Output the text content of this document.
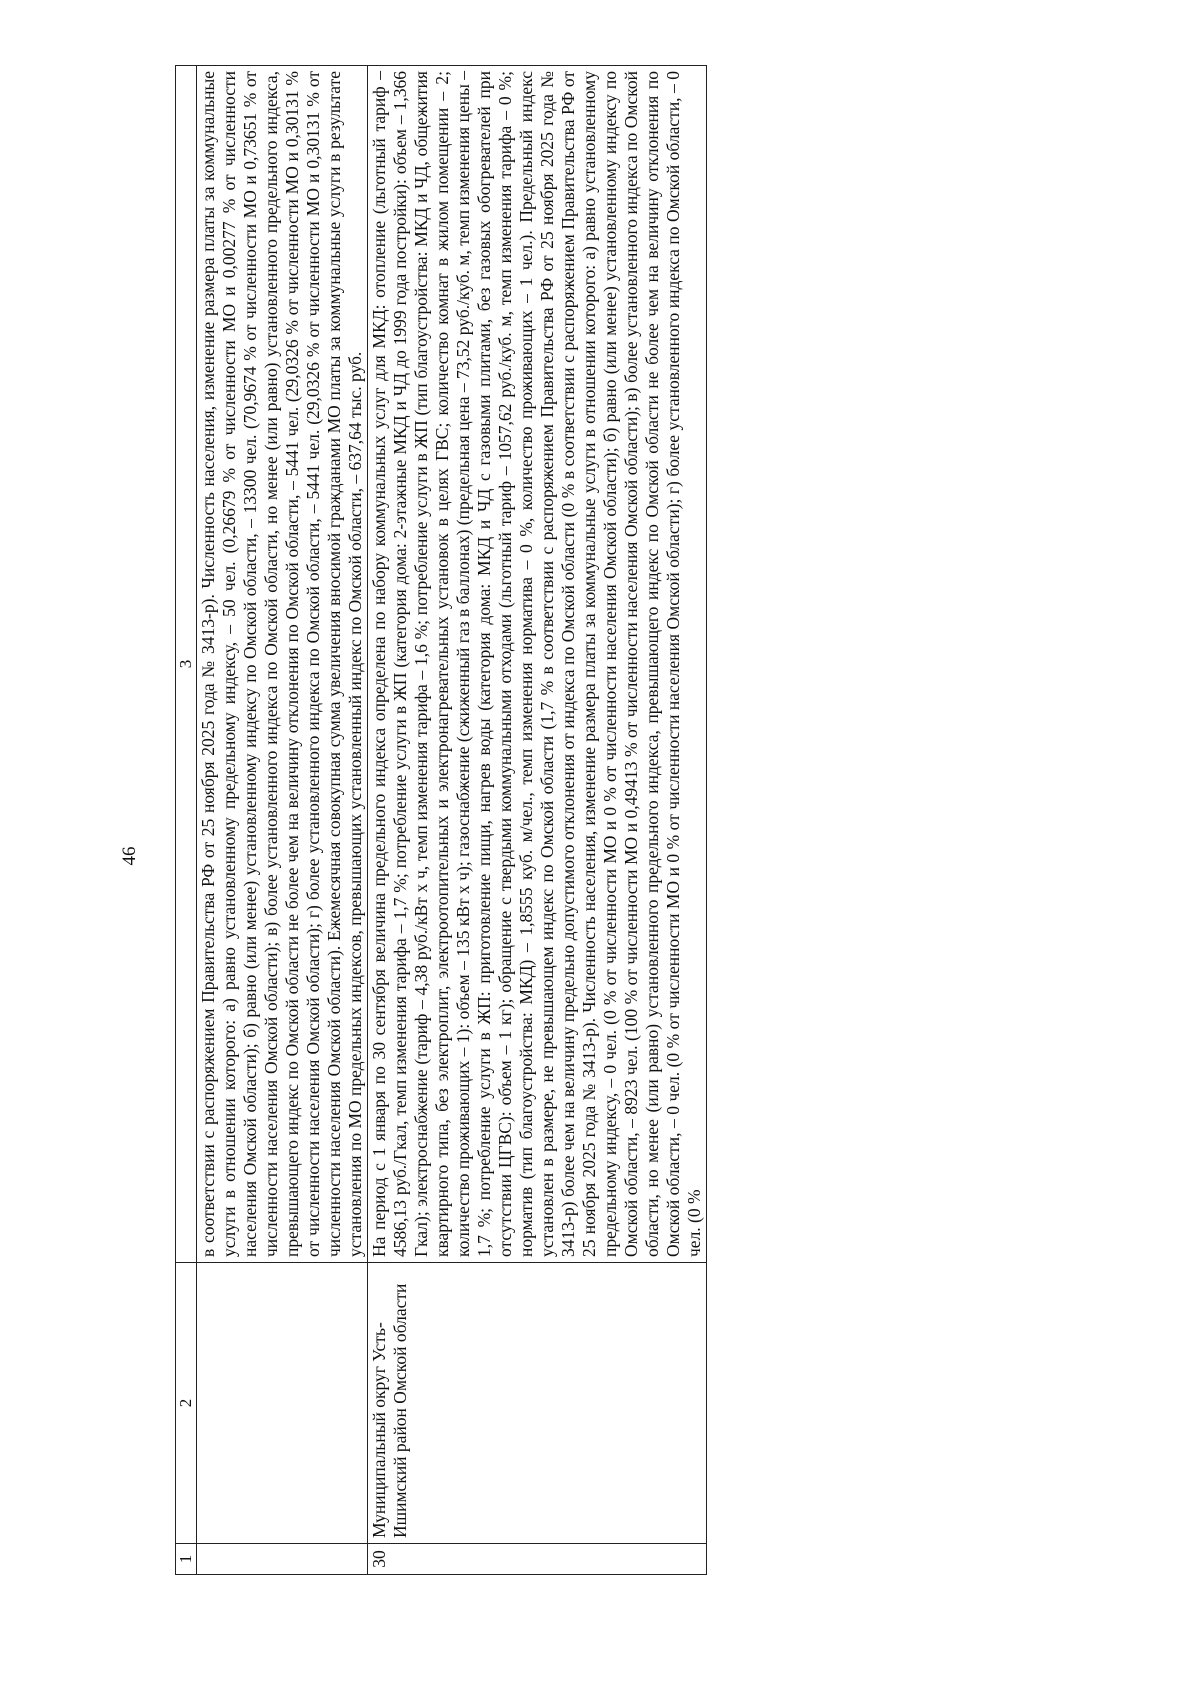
46
1	2	3

		в соответствии с распоряжением Правительства РФ от 25 ноября 2025 года № 3413-р). Численность населения, изменение размера платы за коммунальные услуги в отношении которого: а) равно установленному предельному индексу, – 50 чел. (0,26679 % от численности МО и 0,00277 % от численности населения Омской области); б) равно (или менее) установленному индексу по Омской области, – 13300 чел. (70,9674 % от численности МО и 0,73651 % от численности населения Омской области); в) более установленного индекса по Омской области, но менее (или равно) установленного предельного индекса, превышающего индекс по Омской области не более чем на величину отклонения по Омской области, – 5441 чел. (29,0326 % от численности МО и 0,30131 % от численности населения Омской области); г) более установленного индекса по Омской области, – 5441 чел. (29,0326 % от численности МО и 0,30131 % от численности населения Омской области). Ежемесячная совокупная сумма увеличения вносимой гражданами МО платы за коммунальные услуги в результате установления по МО предельных индексов, превышающих установленный индекс по Омской области, – 637,64 тыс. руб.

30	Муниципальный округ Усть-Ишимский район Омской области	На период с 1 января по 30 сентября величина предельного индекса определена по набору коммунальных услуг для МКД: отопление (льготный тариф – 4586,13 руб./Гкал, темп изменения тарифа – 1,7 %; потребление услуги в ЖП (категория дома: 2-этажные МКД и ЧД до 1999 года постройки): объем – 1,366 Гкал); электроснабжение (тариф – 4,38 руб./кВт х ч, темп изменения тарифа – 1,6 %; потребление услуги в ЖП (тип благоустройства: МКД и ЧД, общежития квартирного типа, без электроплит, электроотопительных и электронагревательных установок в целях ГВС; количество комнат в жилом помещении – 2; количество проживающих – 1): объем – 135 кВт х ч); газоснабжение (сжиженный газ в баллонах) (предельная цена – 73,52 руб./куб. м, темп изменения цены – 1,7 %; потребление услуги в ЖП: приготовление пищи, нагрев воды (категория дома: МКД и ЧД с газовыми плитами, без газовых обогревателей при отсутствии ЦГВС): объем – 1 кг); обращение с твердыми коммунальными отходами (льготный тариф – 1057,62 руб./куб. м, темп изменения тарифа – 0 %; норматив (тип благоустройства: МКД) – 1,8555 куб. м/чел., темп изменения норматива – 0 %, количество проживающих – 1 чел.). Предельный индекс установлен в размере, не превышающем индекс по Омской области (1,7 % в соответствии с распоряжением Правительства РФ от 25 ноября 2025 года № 3413-р) более чем на величину предельно допустимого отклонения от индекса по Омской области (0 % в соответствии с распоряжением Правительства РФ от 25 ноября 2025 года № 3413-р). Численность населения, изменение размера платы за коммунальные услуги в отношении которого: а) равно установленному предельному индексу, – 0 чел. (0 % от численности МО и 0 % от численности населения Омской области); б) равно (или менее) установленному индексу по Омской области, – 8923 чел. (100 % от численности МО и 0,49413 % от численности населения Омской области); в) более установленного индекса по Омской области, но менее (или равно) установленного предельного индекса, превышающего индекс по Омской области не более чем на величину отклонения по Омской области, – 0 чел. (0 % от численности МО и 0 % от численности населения Омской области); г) более установленного индекса по Омской области, – 0 чел. (0 %
